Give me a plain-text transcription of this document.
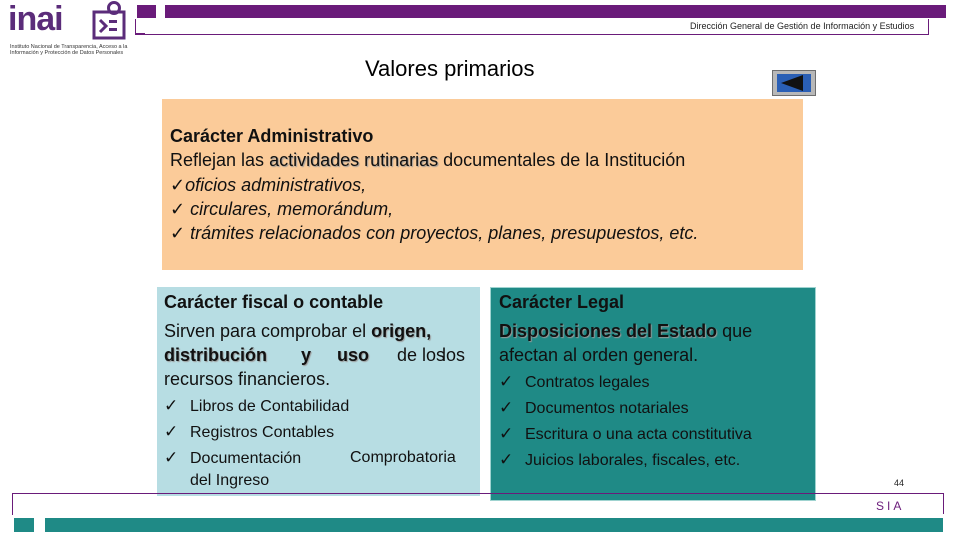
inai
Instituto Nacional de Transparencia, Acceso a la
Información y Protección de Datos Personales
Dirección General de Gestión de Información y Estudios
Valores primarios
Carácter Administrativo
Reflejan las actividades rutinarias documentales de la Institución
✓oficios administrativos,
✓ circulares, memorándum,
✓ trámites relacionados con proyectos, planes, presupuestos, etc.
Carácter fiscal o contable
Sirven para comprobar el origen,
distribución y uso de los
los
recursos financieros.
✓ Libros de Contabilidad
✓ Registros Contables
✓ Documentación	Comprobatoria
del Ingreso
Carácter Legal
Disposiciones del Estado que
afectan al orden general.
✓ Contratos legales
✓ Documentos notariales
✓ Escritura o una acta constitutiva
✓ Juicios laborales, fiscales, etc.
44
SIA
